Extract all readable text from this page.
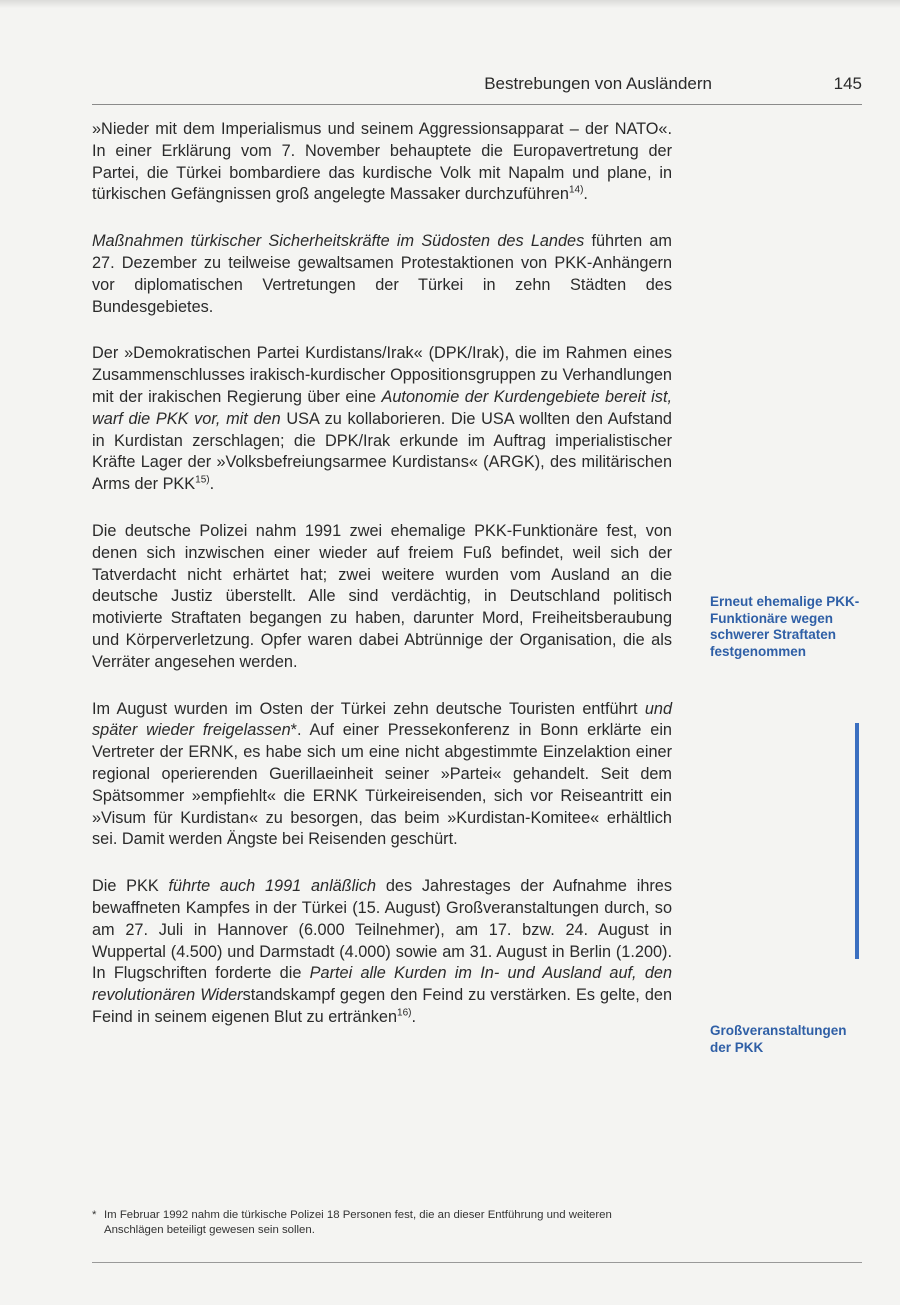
Bestrebungen von Ausländern	145

»Nieder mit dem Imperialismus und seinem Aggressionsapparat – der NATO«. In einer Erklärung vom 7. November behauptete die Europavertretung der Partei, die Türkei bombardiere das kurdische Volk mit Napalm und plane, in türkischen Gefängnissen groß angelegte Massaker durchzuführen$^{14)}$.

Maßnahmen türkischer Sicherheitskräfte im Südosten des Landes führten am 27. Dezember zu teilweise gewaltsamen Protestaktionen von PKK-Anhängern vor diplomatischen Vertretungen der Türkei in zehn Städten des Bundesgebietes.

Der »Demokratischen Partei Kurdistans/Irak« (DPK/Irak), die im Rahmen eines Zusammenschlusses irakisch-kurdischer Oppositionsgruppen zu Verhandlungen mit der irakischen Regierung über eine Autonomie der Kurdengebiete bereit ist, warf die PKK vor, mit den USA zu kollaborieren. Die USA wollten den Aufstand in Kurdistan zerschlagen; die DPK/Irak erkunde im Auftrag imperialistischer Kräfte Lager der »Volksbefreiungsarmee Kurdistans« (ARGK), des militärischen Arms der PKK$^{15)}$.

Die deutsche Polizei nahm 1991 zwei ehemalige PKK-Funktionäre fest, von denen sich inzwischen einer wieder auf freiem Fuß befindet, weil sich der Tatverdacht nicht erhärtet hat; zwei weitere wurden vom Ausland an die deutsche Justiz überstellt. Alle sind verdächtig, in Deutschland politisch motivierte Straftaten begangen zu haben, darunter Mord, Freiheitsberaubung und Körperverletzung. Opfer waren dabei Abtrünnige der Organisation, die als Verräter angesehen werden.

Im August wurden im Osten der Türkei zehn deutsche Touristen entführt und später wieder freigelassen*. Auf einer Pressekonferenz in Bonn erklärte ein Vertreter der ERNK, es habe sich um eine nicht abgestimmte Einzelaktion einer regional operierenden Guerillaeinheit seiner »Partei« gehandelt. Seit dem Spätsommer »empfiehlt« die ERNK Türkeireisenden, sich vor Reiseantritt ein »Visum für Kurdistan« zu besorgen, das beim »Kurdistan-Komitee« erhältlich sei. Damit werden Ängste bei Reisenden geschürt.

Die PKK führte auch 1991 anläßlich des Jahrestages der Aufnahme ihres bewaffneten Kampfes in der Türkei (15. August) Großveranstaltungen durch, so am 27. Juli in Hannover (6.000 Teilnehmer), am 17. bzw. 24. August in Wuppertal (4.500) und Darmstadt (4.000) sowie am 31. August in Berlin (1.200). In Flugschriften forderte die Partei alle Kurden im In- und Ausland auf, den revolutionären Widerstandskampf gegen den Feind zu verstärken. Es gelte, den Feind in seinem eigenen Blut zu ertränken$^{16)}$.

Erneut ehemalige PKK-Funktionäre wegen schwerer Straftaten festgenommen
Großveranstaltungen der PKK
* Im Februar 1992 nahm die türkische Polizei 18 Personen fest, die an dieser Entführung und weiteren Anschlägen beteiligt gewesen sein sollen.
